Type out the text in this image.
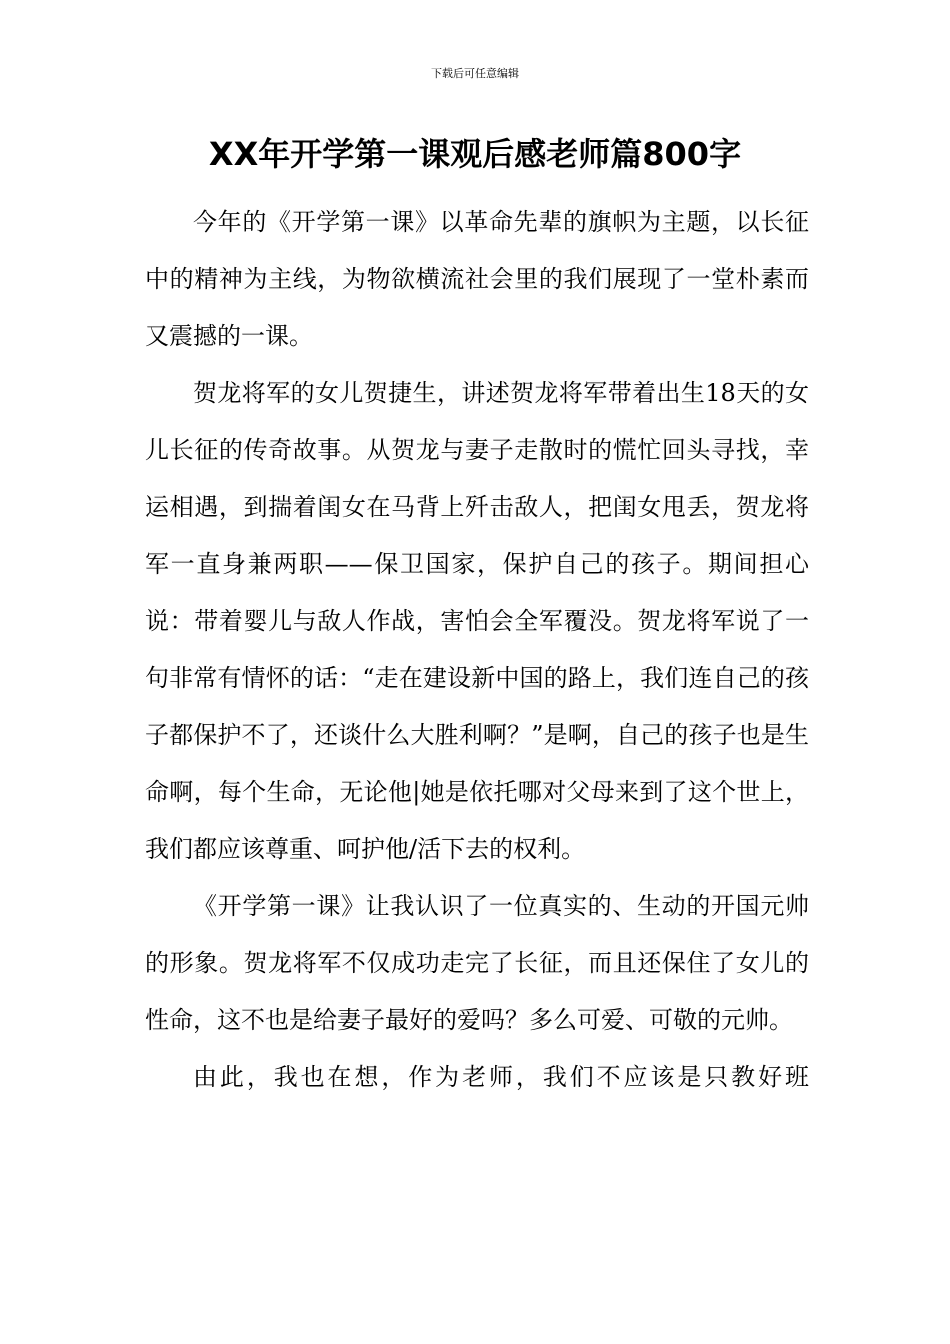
下载后可任意编辑
XX年开学第一课观后感老师篇800字

今年的《开学第一课》以革命先辈的旗帜为主题，以长征中的精神为主线，为物欲横流社会里的我们展现了一堂朴素而又震撼的一课。

贺龙将军的女儿贺捷生，讲述贺龙将军带着出生18天的女儿长征的传奇故事。从贺龙与妻子走散时的慌忙回头寻找，幸运相遇，到揣着闺女在马背上歼击敌人，把闺女甩丢，贺龙将军一直身兼两职——保卫国家，保护自己的孩子。期间担心说：带着婴儿与敌人作战，害怕会全军覆没。贺龙将军说了一句非常有情怀的话：“走在建设新中国的路上，我们连自己的孩子都保护不了，还谈什么大胜利啊？”是啊，自己的孩子也是生命啊，每个生命，无论他|她是依托哪对父母来到了这个世上，我们都应该尊重、呵护他/活下去的权利。

《开学第一课》让我认识了一位真实的、生动的开国元帅的形象。贺龙将军不仅成功走完了长征，而且还保住了女儿的性命，这不也是给妻子最好的爱吗？多么可爱、可敬的元帅。

由此，我也在想，作为老师，我们不应该是只教好班
